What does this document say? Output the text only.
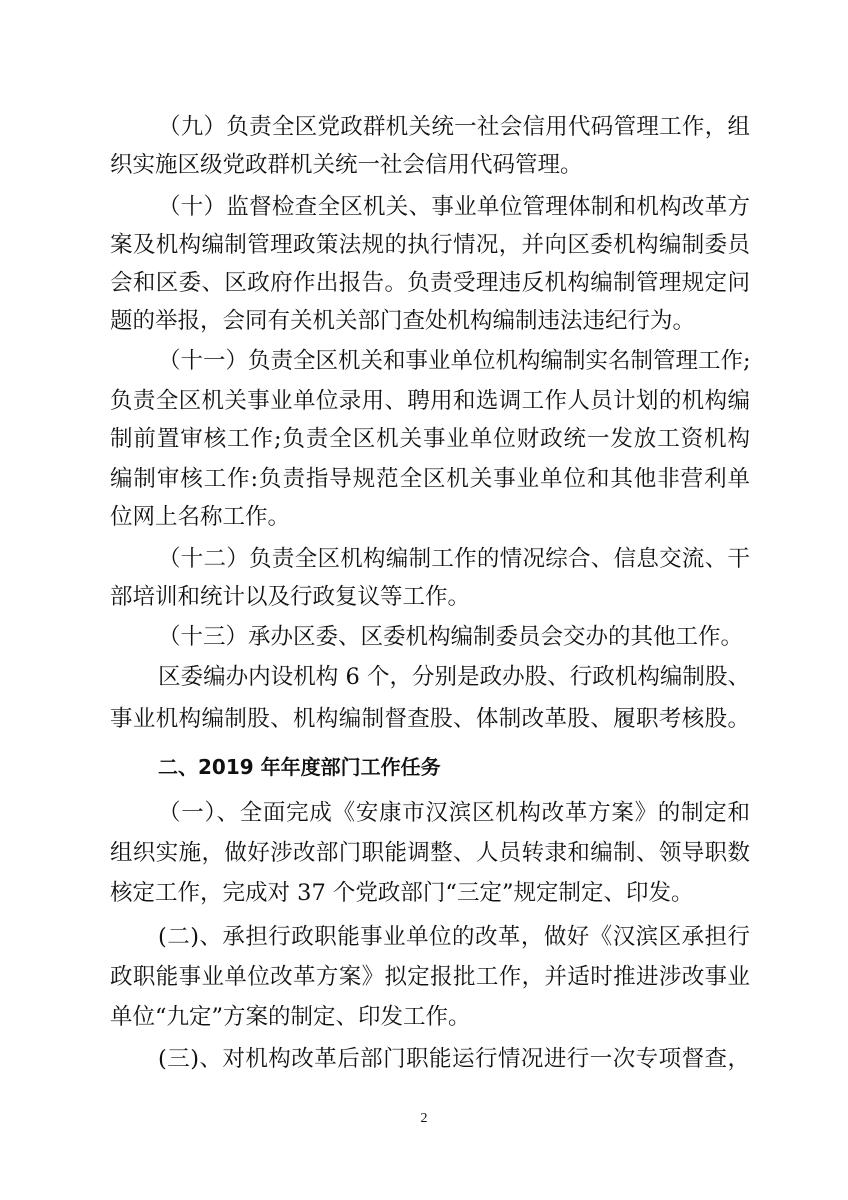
（九）负责全区党政群机关统一社会信用代码管理工作，组
织实施区级党政群机关统一社会信用代码管理。
（十）监督检查全区机关、事业单位管理体制和机构改革方
案及机构编制管理政策法规的执行情况，并向区委机构编制委员
会和区委、区政府作出报告。负责受理违反机构编制管理规定问
题的举报，会同有关机关部门查处机构编制违法违纪行为。
（十一）负责全区机关和事业单位机构编制实名制管理工作;
负责全区机关事业单位录用、聘用和选调工作人员计划的机构编
制前置审核工作;负责全区机关事业单位财政统一发放工资机构
编制审核工作:负责指导规范全区机关事业单位和其他非营利单
位网上名称工作。
（十二）负责全区机构编制工作的情况综合、信息交流、干
部培训和统计以及行政复议等工作。
（十三）承办区委、区委机构编制委员会交办的其他工作。
区委编办内设机构 6 个，分别是政办股、行政机构编制股、
事业机构编制股、机构编制督查股、体制改革股、履职考核股。
二、2019 年年度部门工作任务
（一）、全面完成《安康市汉滨区机构改革方案》的制定和
组织实施，做好涉改部门职能调整、人员转隶和编制、领导职数
核定工作，完成对 37 个党政部门“三定”规定制定、印发。
(二)、承担行政职能事业单位的改革，做好《汉滨区承担行
政职能事业单位改革方案》拟定报批工作，并适时推进涉改事业
单位“九定”方案的制定、印发工作。
(三)、对机构改革后部门职能运行情况进行一次专项督查，
2
